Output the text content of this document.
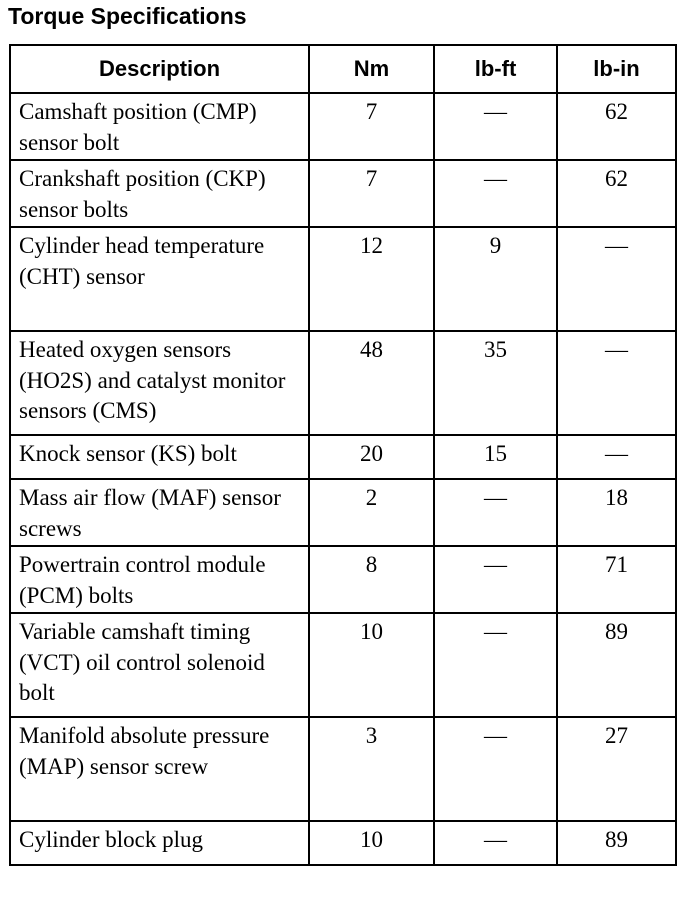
Torque Specifications
Description	Nm	lb-ft	lb-in
Camshaft position (CMP) sensor bolt	7	—	62
Crankshaft position (CKP) sensor bolts	7	—	62
Cylinder head temperature (CHT) sensor	12	9	—
Heated oxygen sensors (HO2S) and catalyst monitor sensors (CMS)	48	35	—
Knock sensor (KS) bolt	20	15	—
Mass air flow (MAF) sensor screws	2	—	18
Powertrain control module (PCM) bolts	8	—	71
Variable camshaft timing (VCT) oil control solenoid bolt	10	—	89
Manifold absolute pressure (MAP) sensor screw	3	—	27
Cylinder block plug	10	—	89
